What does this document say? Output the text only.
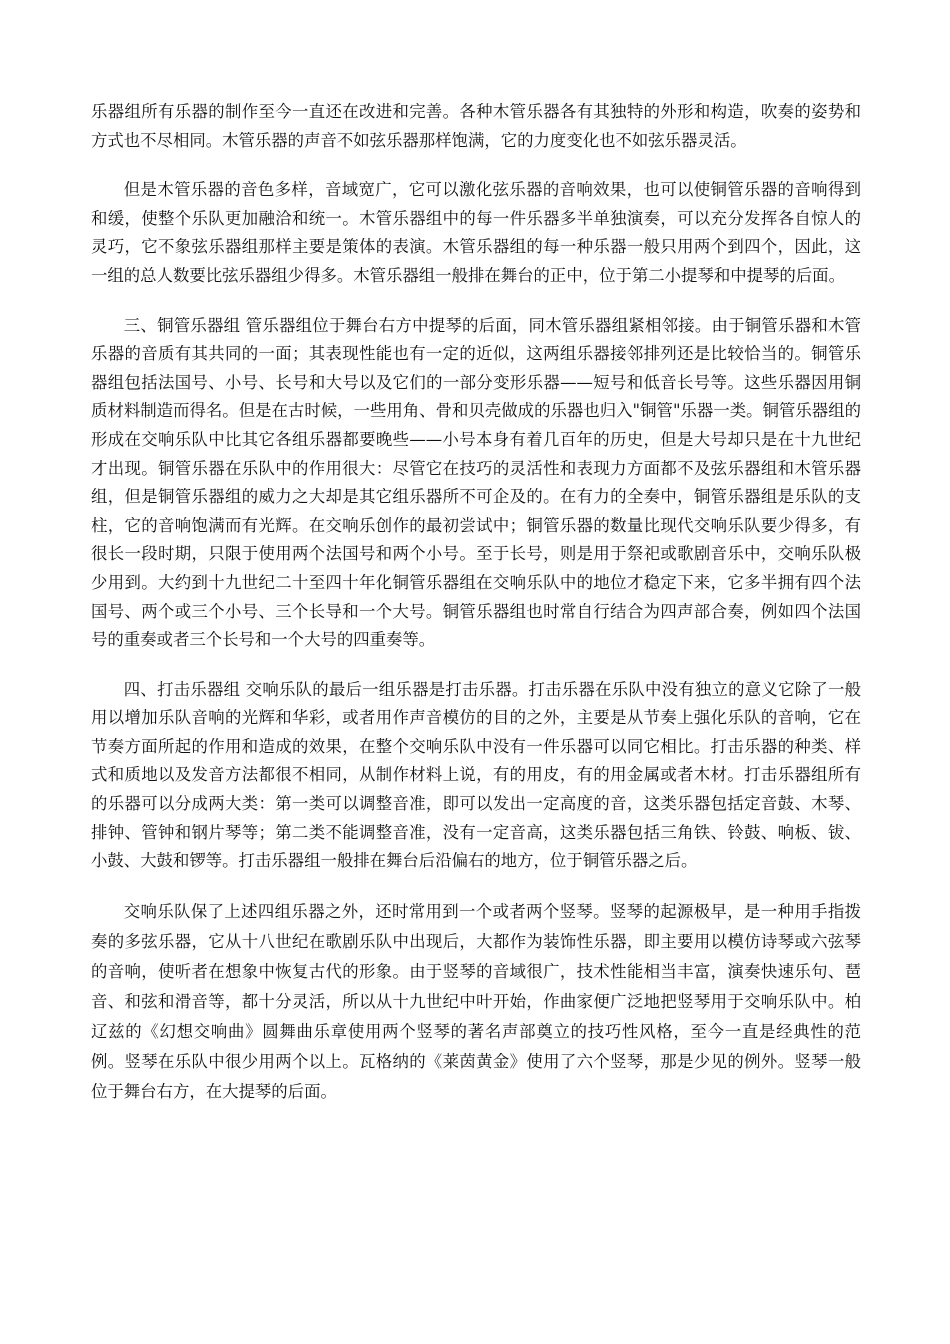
乐器组所有乐器的制作至今一直还在改进和完善。各种木管乐器各有其独特的外形和构造，吹奏的姿势和方式也不尽相同。木管乐器的声音不如弦乐器那样饱满，它的力度变化也不如弦乐器灵活。

但是木管乐器的音色多样，音域宽广，它可以激化弦乐器的音响效果，也可以使铜管乐器的音响得到和缓，使整个乐队更加融洽和统一。木管乐器组中的每一件乐器多半单独演奏，可以充分发挥各自惊人的灵巧，它不象弦乐器组那样主要是策体的表演。木管乐器组的每一种乐器一般只用两个到四个，因此，这一组的总人数要比弦乐器组少得多。木管乐器组一般排在舞台的正中，位于第二小提琴和中提琴的后面。

三、铜管乐器组 管乐器组位于舞台右方中提琴的后面，同木管乐器组紧相邻接。由于铜管乐器和木管乐器的音质有其共同的一面；其表现性能也有一定的近似，这两组乐器接邻排列还是比较恰当的。铜管乐器组包括法国号、小号、长号和大号以及它们的一部分变形乐器——短号和低音长号等。这些乐器因用铜质材料制造而得名。但是在古时候，一些用角、骨和贝壳做成的乐器也归入"铜管"乐器一类。铜管乐器组的形成在交响乐队中比其它各组乐器都要晚些——小号本身有着几百年的历史，但是大号却只是在十九世纪才出现。铜管乐器在乐队中的作用很大：尽管它在技巧的灵活性和表现力方面都不及弦乐器组和木管乐器组，但是铜管乐器组的威力之大却是其它组乐器所不可企及的。在有力的全奏中，铜管乐器组是乐队的支柱，它的音响饱满而有光辉。在交响乐创作的最初尝试中；铜管乐器的数量比现代交响乐队要少得多，有很长一段时期，只限于使用两个法国号和两个小号。至于长号，则是用于祭祀或歌剧音乐中，交响乐队极少用到。大约到十九世纪二十至四十年化铜管乐器组在交响乐队中的地位才稳定下来，它多半拥有四个法国号、两个或三个小号、三个长导和一个大号。铜管乐器组也时常自行结合为四声部合奏，例如四个法国号的重奏或者三个长号和一个大号的四重奏等。

四、打击乐器组 交响乐队的最后一组乐器是打击乐器。打击乐器在乐队中没有独立的意义它除了一般用以增加乐队音响的光辉和华彩，或者用作声音模仿的目的之外，主要是从节奏上强化乐队的音响，它在节奏方面所起的作用和造成的效果，在整个交响乐队中没有一件乐器可以同它相比。打击乐器的种类、样式和质地以及发音方法都很不相同，从制作材料上说，有的用皮，有的用金属或者木材。打击乐器组所有的乐器可以分成两大类：第一类可以调整音准，即可以发出一定高度的音，这类乐器包括定音鼓、木琴、排钟、管钟和钢片琴等；第二类不能调整音准，没有一定音高，这类乐器包括三角铁、铃鼓、响板、钹、小鼓、大鼓和锣等。打击乐器组一般排在舞台后沿偏右的地方，位于铜管乐器之后。

交响乐队保了上述四组乐器之外，还时常用到一个或者两个竖琴。竖琴的起源极早，是一种用手指拨奏的多弦乐器，它从十八世纪在歌剧乐队中出现后，大都作为装饰性乐器，即主要用以模仿诗琴或六弦琴的音响，使听者在想象中恢复古代的形象。由于竖琴的音域很广，技术性能相当丰富，演奏快速乐句、琶音、和弦和滑音等，都十分灵活，所以从十九世纪中叶开始，作曲家便广泛地把竖琴用于交响乐队中。柏辽兹的《幻想交响曲》圆舞曲乐章使用两个竖琴的著名声部奠立的技巧性风格，至今一直是经典性的范例。竖琴在乐队中很少用两个以上。瓦格纳的《莱茵黄金》使用了六个竖琴，那是少见的例外。竖琴一般位于舞台右方，在大提琴的后面。
